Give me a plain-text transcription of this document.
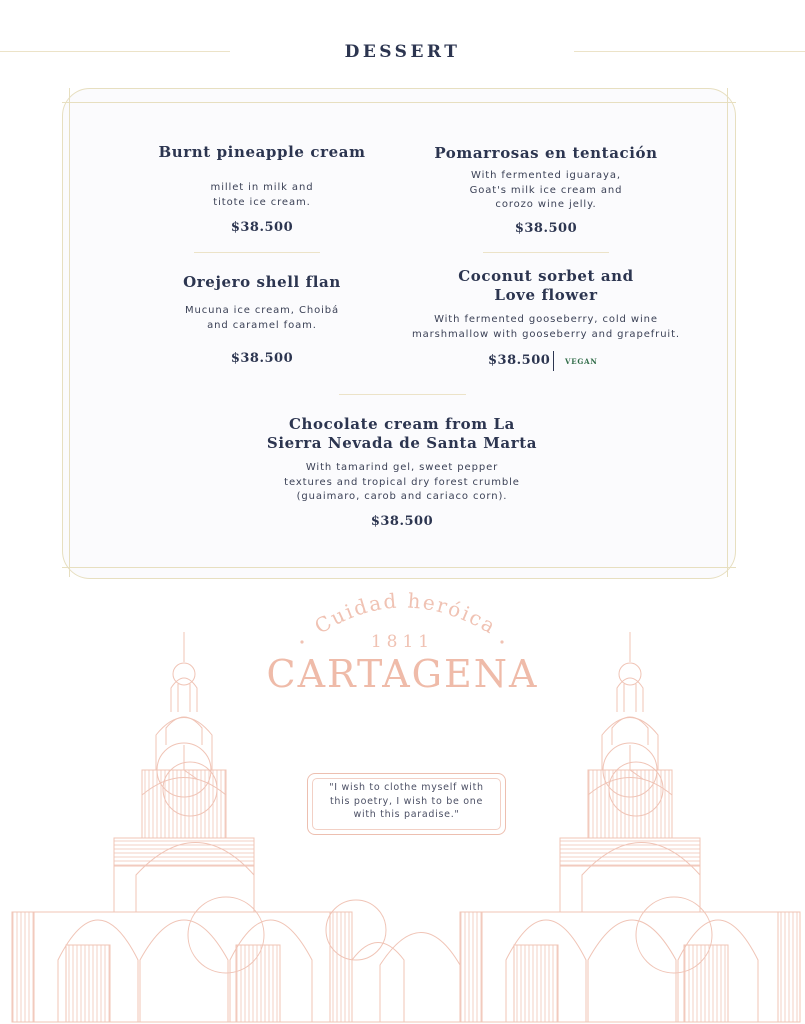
DESSERT
Burnt pineapple cream
millet in milk and
titote ice cream.
$38.500
Pomarrosas en tentación
With fermented iguaraya,
Goat's milk ice cream and
corozo wine jelly.
$38.500
Orejero shell flan
Mucuna ice cream, Choibá
and caramel foam.
$38.500
Coconut sorbet and
Love flower
With fermented gooseberry, cold wine
marshmallow with gooseberry and grapefruit.
$38.500 VEGAN
Chocolate cream from La
Sierra Nevada de Santa Marta
With tamarind gel, sweet pepper
textures and tropical dry forest crumble
(guaimaro, carob and cariaco corn).
$38.500
Cuidad heróica
1811
CARTAGENA
"I wish to clothe myself with
this poetry, I wish to be one
with this paradise."
